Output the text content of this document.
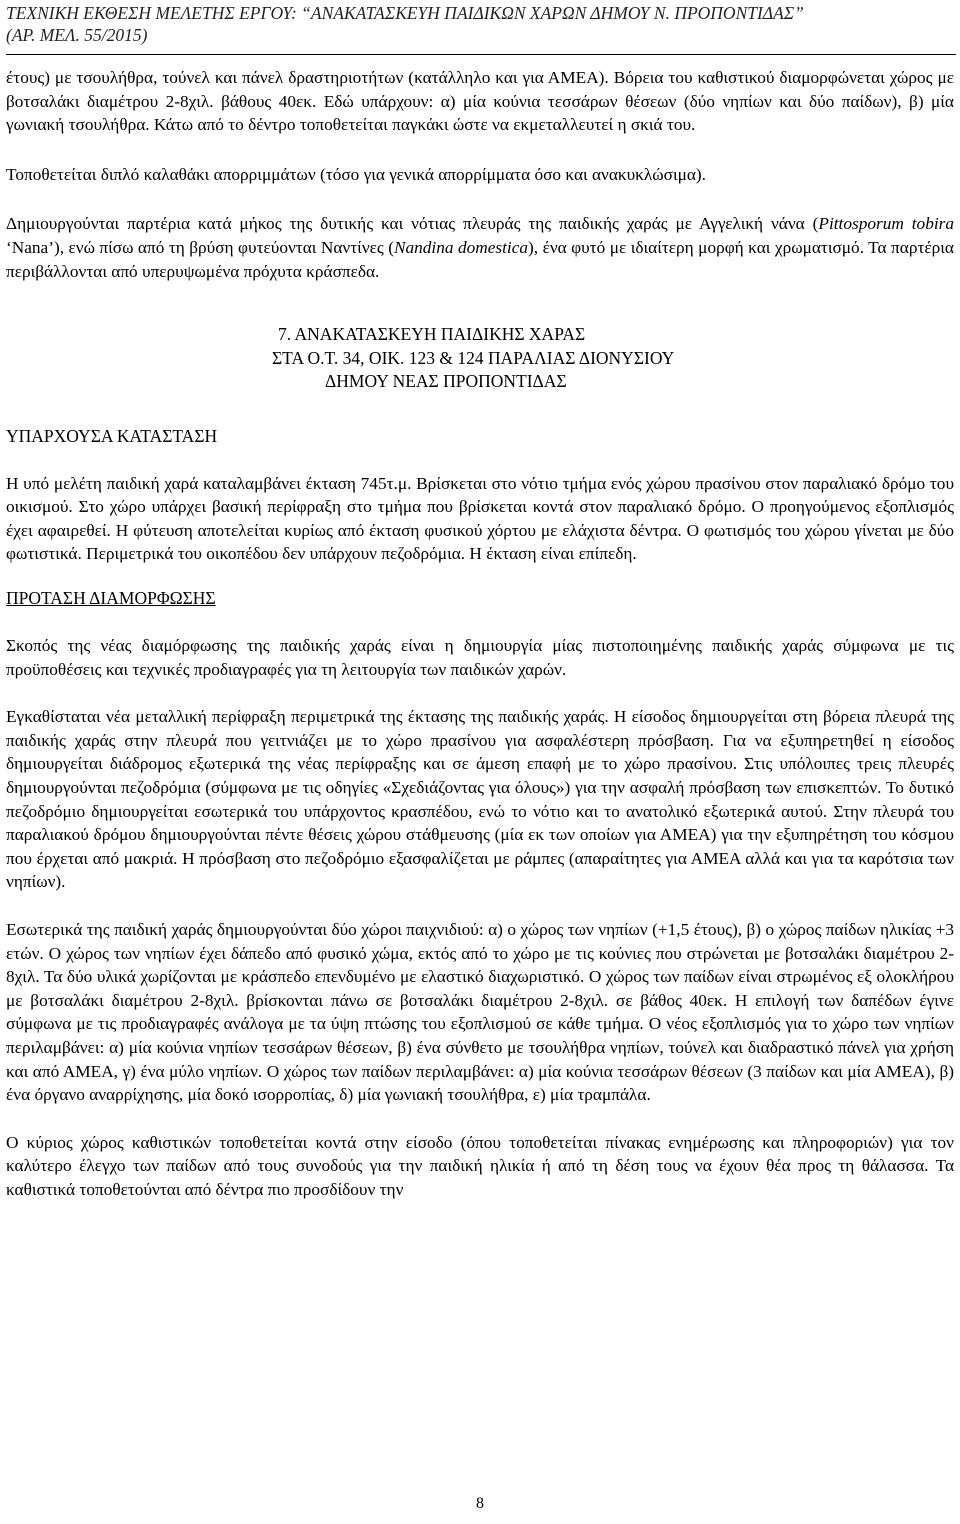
ΤΕΧΝΙΚΗ ΕΚΘΕΣΗ ΜΕΛΕΤΗΣ ΕΡΓΟΥ: “ΑΝΑΚΑΤΑΣΚΕΥΗ ΠΑΙΔΙΚΩΝ ΧΑΡΩΝ ΔΗΜΟΥ Ν. ΠΡΟΠΟΝΤΙΔΑΣ”
(ΑΡ. ΜΕΛ. 55/2015)

έτους) με τσουλήθρα, τούνελ και πάνελ δραστηριοτήτων (κατάλληλο και για ΑΜΕΑ). Βόρεια του καθιστικού διαμορφώνεται χώρος με βοτσαλάκι διαμέτρου 2-8χιλ. βάθους 40εκ. Εδώ υπάρχουν: α) μία κούνια τεσσάρων θέσεων (δύο νηπίων και δύο παίδων), β) μία γωνιακή τσουλήθρα. Κάτω από το δέντρο τοποθετείται παγκάκι ώστε να εκμεταλλευτεί η σκιά του.

Τοποθετείται διπλό καλαθάκι απορριμμάτων (τόσο για γενικά απορρίμματα όσο και ανακυκλώσιμα).

Δημιουργούνται παρτέρια κατά μήκος της δυτικής και νότιας πλευράς της παιδικής χαράς με Αγγελική νάνα (Pittosporum tobira ‘Nana’), ενώ πίσω από τη βρύση φυτεύονται Ναντίνες (Nandina domestica), ένα φυτό με ιδιαίτερη μορφή και χρωματισμό. Τα παρτέρια περιβάλλονται από υπερυψωμένα πρόχυτα κράσπεδα.

7. ΑΝΑΚΑΤΑΣΚΕΥΗ ΠΑΙΔΙΚΗΣ ΧΑΡΑΣ
ΣΤΑ Ο.Τ. 34, ΟΙΚ. 123 & 124 ΠΑΡΑΛΙΑΣ ΔΙΟΝΥΣΙΟΥ
ΔΗΜΟΥ ΝΕΑΣ ΠΡΟΠΟΝΤΙΔΑΣ
ΥΠΑΡΧΟΥΣΑ ΚΑΤΑΣΤΑΣΗ

Η υπό μελέτη παιδική χαρά καταλαμβάνει έκταση 745τ.μ. Βρίσκεται στο νότιο τμήμα ενός χώρου πρασίνου στον παραλιακό δρόμο του οικισμού. Στο χώρο υπάρχει βασική περίφραξη στο τμήμα που βρίσκεται κοντά στον παραλιακό δρόμο. Ο προηγούμενος εξοπλισμός έχει αφαιρεθεί. Η φύτευση αποτελείται κυρίως από έκταση φυσικού χόρτου με ελάχιστα δέντρα. Ο φωτισμός του χώρου γίνεται με δύο φωτιστικά. Περιμετρικά του οικοπέδου δεν υπάρχουν πεζοδρόμια. Η έκταση είναι επίπεδη.

ΠΡΟΤΑΣΗ ΔΙΑΜΟΡΦΩΣΗΣ

Σκοπός της νέας διαμόρφωσης της παιδικής χαράς είναι η δημιουργία μίας πιστοποιημένης παιδικής χαράς σύμφωνα με τις προϋποθέσεις και τεχνικές προδιαγραφές για τη λειτουργία των παιδικών χαρών.

Εγκαθίσταται νέα μεταλλική περίφραξη περιμετρικά της έκτασης της παιδικής χαράς. Η είσοδος δημιουργείται στη βόρεια πλευρά της παιδικής χαράς στην πλευρά που γειτνιάζει με το χώρο πρασίνου για ασφαλέστερη πρόσβαση. Για να εξυπηρετηθεί η είσοδος δημιουργείται διάδρομος εξωτερικά της νέας περίφραξης και σε άμεση επαφή με το χώρο πρασίνου. Στις υπόλοιπες τρεις πλευρές δημιουργούνται πεζοδρόμια (σύμφωνα με τις οδηγίες «Σχεδιάζοντας για όλους») για την ασφαλή πρόσβαση των επισκεπτών. Το δυτικό πεζοδρόμιο δημιουργείται εσωτερικά του υπάρχοντος κρασπέδου, ενώ το νότιο και το ανατολικό εξωτερικά αυτού. Στην πλευρά του παραλιακού δρόμου δημιουργούνται πέντε θέσεις χώρου στάθμευσης (μία εκ των οποίων για ΑΜΕΑ) για την εξυπηρέτηση του κόσμου που έρχεται από μακριά. Η πρόσβαση στο πεζοδρόμιο εξασφαλίζεται με ράμπες (απαραίτητες για ΑΜΕΑ αλλά και για τα καρότσια των νηπίων).

Εσωτερικά της παιδική χαράς δημιουργούνται δύο χώροι παιχνιδιού: α) ο χώρος των νηπίων (+1,5 έτους), β) ο χώρος παίδων ηλικίας +3 ετών. Ο χώρος των νηπίων έχει δάπεδο από φυσικό χώμα, εκτός από το χώρο με τις κούνιες που στρώνεται με βοτσαλάκι διαμέτρου 2-8χιλ. Τα δύο υλικά χωρίζονται με κράσπεδο επενδυμένο με ελαστικό διαχωριστικό. Ο χώρος των παίδων είναι στρωμένος εξ ολοκλήρου με βοτσαλάκι διαμέτρου 2-8χιλ. βρίσκονται πάνω σε βοτσαλάκι διαμέτρου 2-8χιλ. σε βάθος 40εκ. Η επιλογή των δαπέδων έγινε σύμφωνα με τις προδιαγραφές ανάλογα με τα ύψη πτώσης του εξοπλισμού σε κάθε τμήμα. Ο νέος εξοπλισμός για το χώρο των νηπίων περιλαμβάνει: α) μία κούνια νηπίων τεσσάρων θέσεων, β) ένα σύνθετο με τσουλήθρα νηπίων, τούνελ και διαδραστικό πάνελ για χρήση και από ΑΜΕΑ, γ) ένα μύλο νηπίων. Ο χώρος των παίδων περιλαμβάνει: α) μία κούνια τεσσάρων θέσεων (3 παίδων και μία ΑΜΕΑ), β) ένα όργανο αναρρίχησης, μία δοκό ισορροπίας, δ) μία γωνιακή τσουλήθρα, ε) μία τραμπάλα.

Ο κύριος χώρος καθιστικών τοποθετείται κοντά στην είσοδο (όπου τοποθετείται πίνακας ενημέρωσης και πληροφοριών) για τον καλύτερο έλεγχο των παίδων από τους συνοδούς για την παιδική ηλικία ή από τη δέση τους να έχουν θέα προς τη θάλασσα. Τα καθιστικά τοποθετούνται από δέντρα πιο προσδίδουν την

8
